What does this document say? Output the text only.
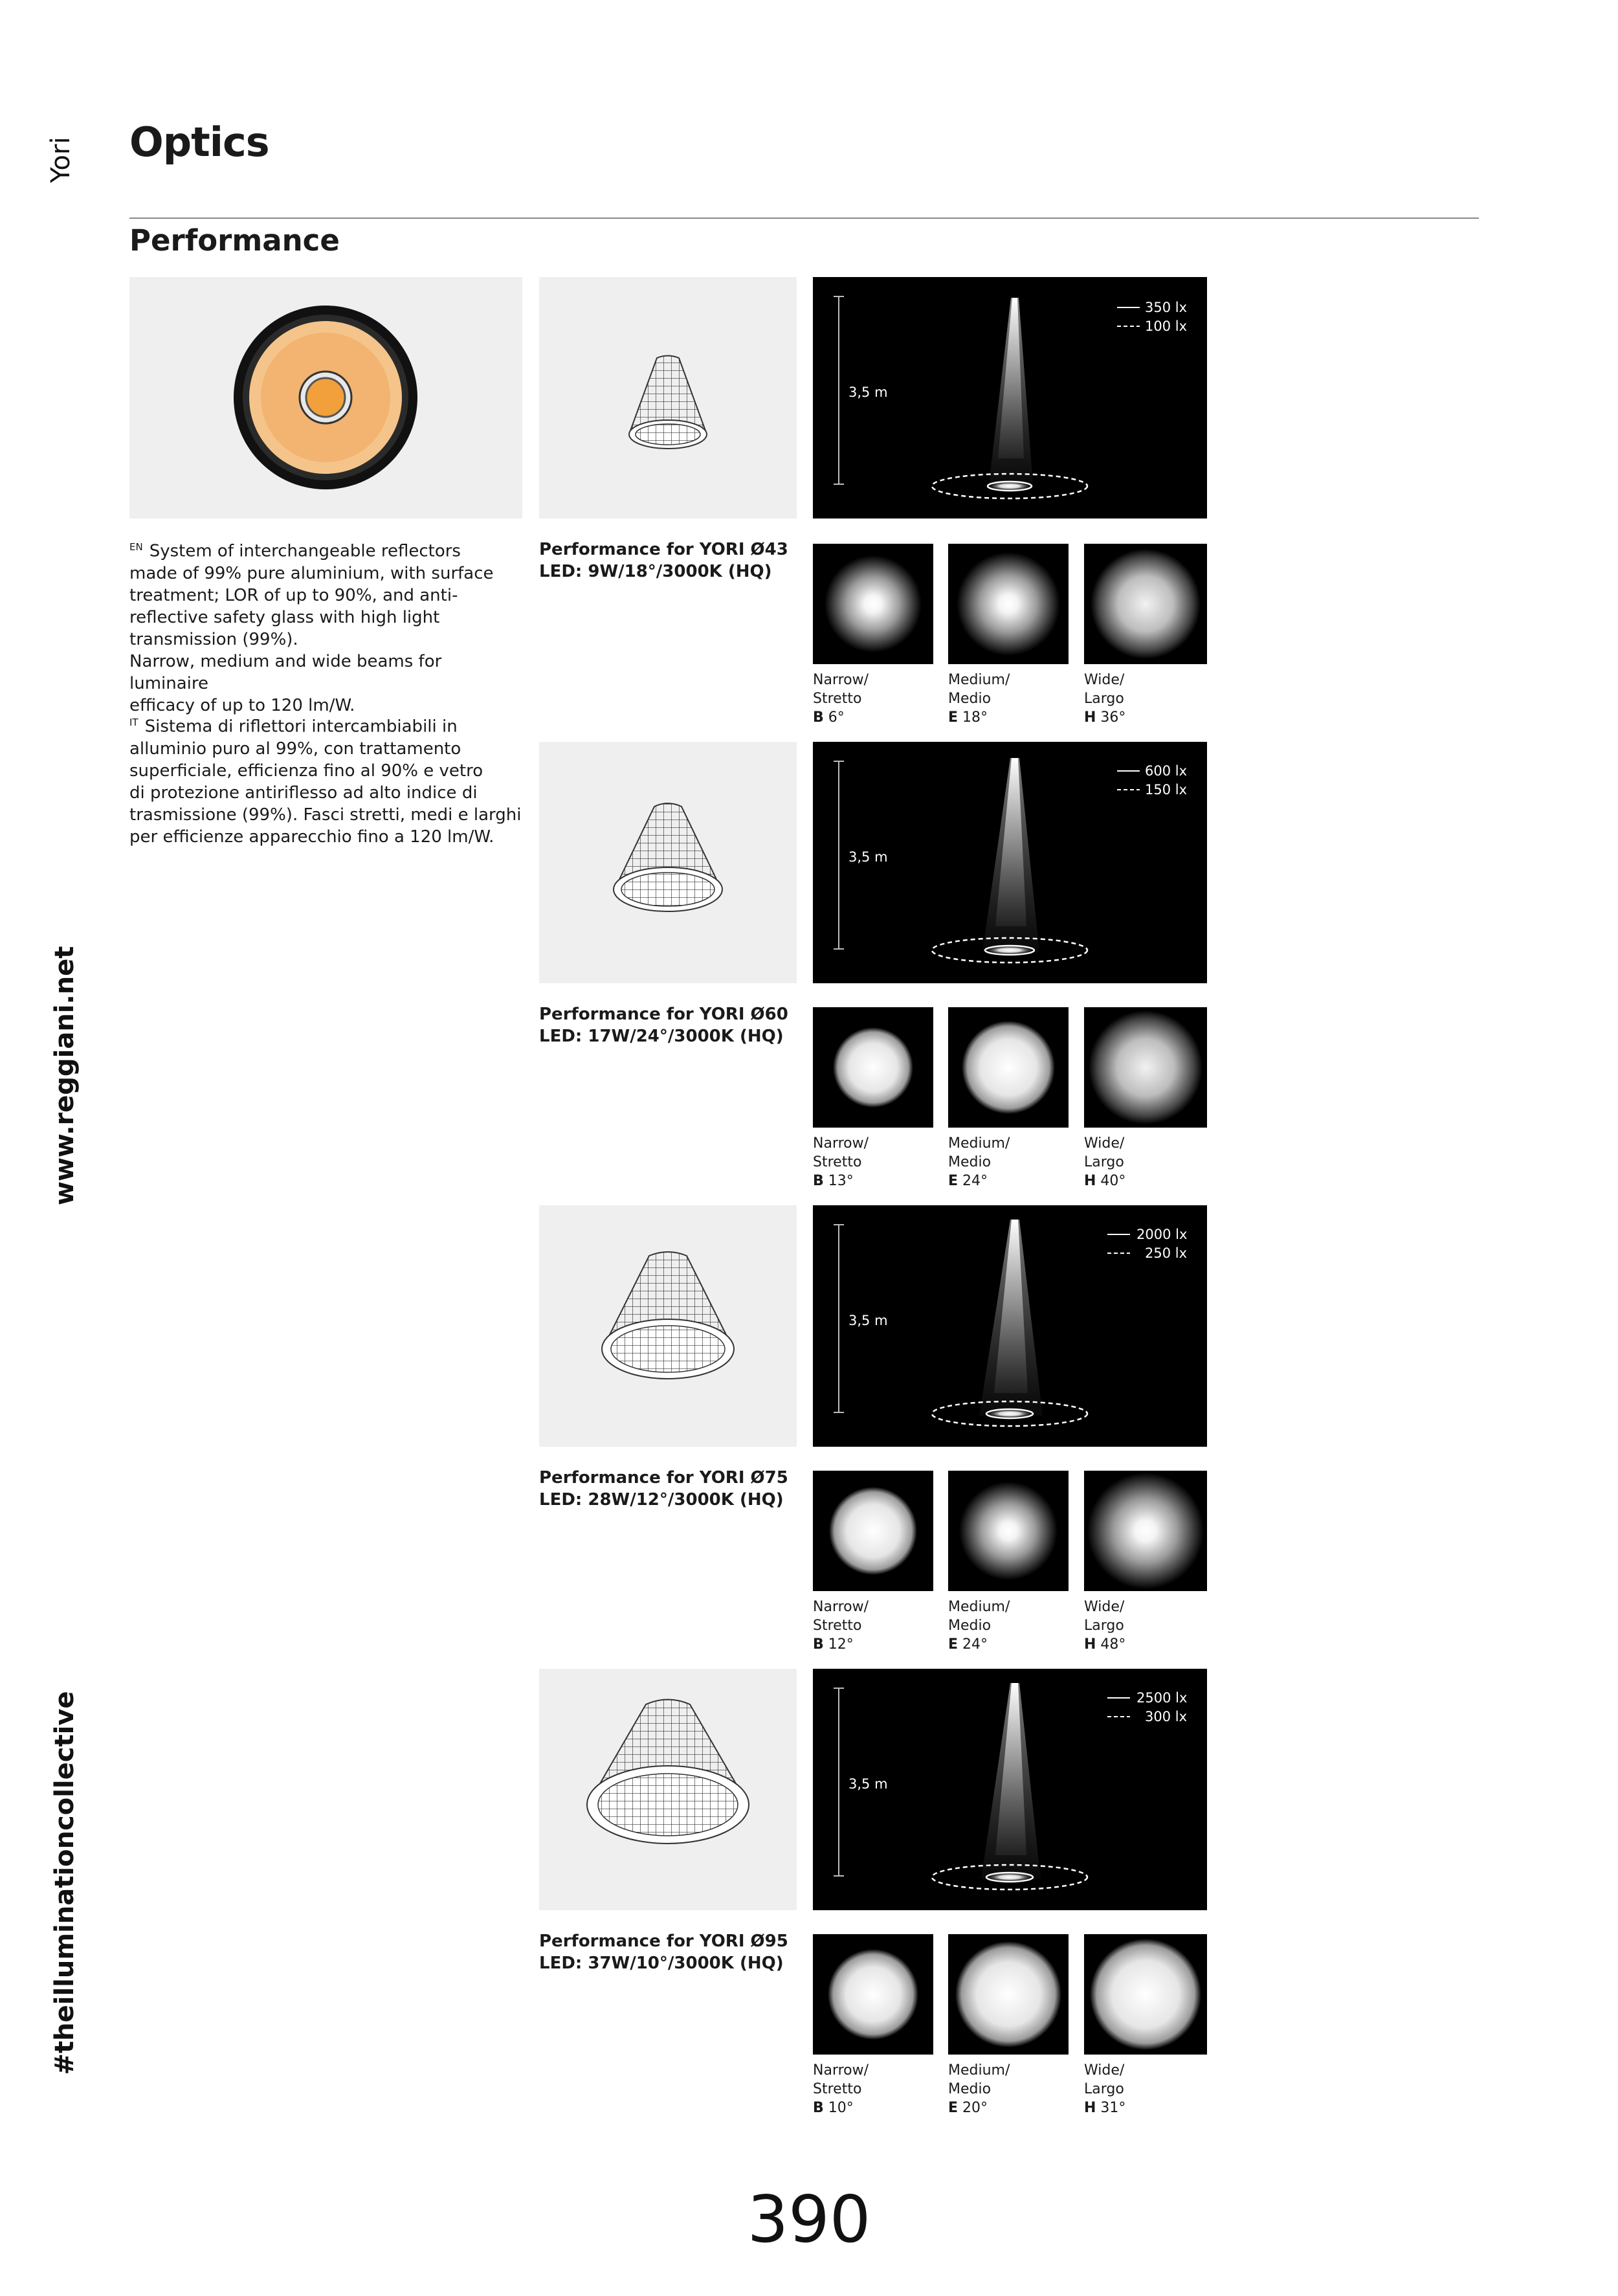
Yori
www.reggiani.net
#theilluminationcollective
Optics
Performance

$^{EN}$ System of interchangeable reflectors
made of 99% pure aluminium, with surface
treatment; LOR of up to 90%, and anti-
reflective safety glass with high light
transmission (99%).
Narrow, medium and wide beams for luminaire
efficacy of up to 120 lm/W.

$^{IT}$ Sistema di riflettori intercambiabili in
alluminio puro al 99%, con trattamento
superficiale, efficienza fino al 90% e vetro
di protezione antiriflesso ad alto indice di
trasmissione (99%). Fasci stretti, medi e larghi
per efficienze apparecchio fino a 120 lm/W.

3,5 m
350 lx
100 lx
Performance for YORI Ø43
LED: 9W/18°/3000K (HQ)
Narrow/
Stretto
B 6°
Medium/
Medio
E 18°
Wide/
Largo
H 36°
3,5 m
600 lx
150 lx
Performance for YORI Ø60
LED: 17W/24°/3000K (HQ)
Narrow/
Stretto
B 13°
Medium/
Medio
E 24°
Wide/
Largo
H 40°
3,5 m
2000 lx
250 lx
Performance for YORI Ø75
LED: 28W/12°/3000K (HQ)
Narrow/
Stretto
B 12°
Medium/
Medio
E 24°
Wide/
Largo
H 48°
3,5 m
2500 lx
300 lx
Performance for YORI Ø95
LED: 37W/10°/3000K (HQ)
Narrow/
Stretto
B 10°
Medium/
Medio
E 20°
Wide/
Largo
H 31°
390
